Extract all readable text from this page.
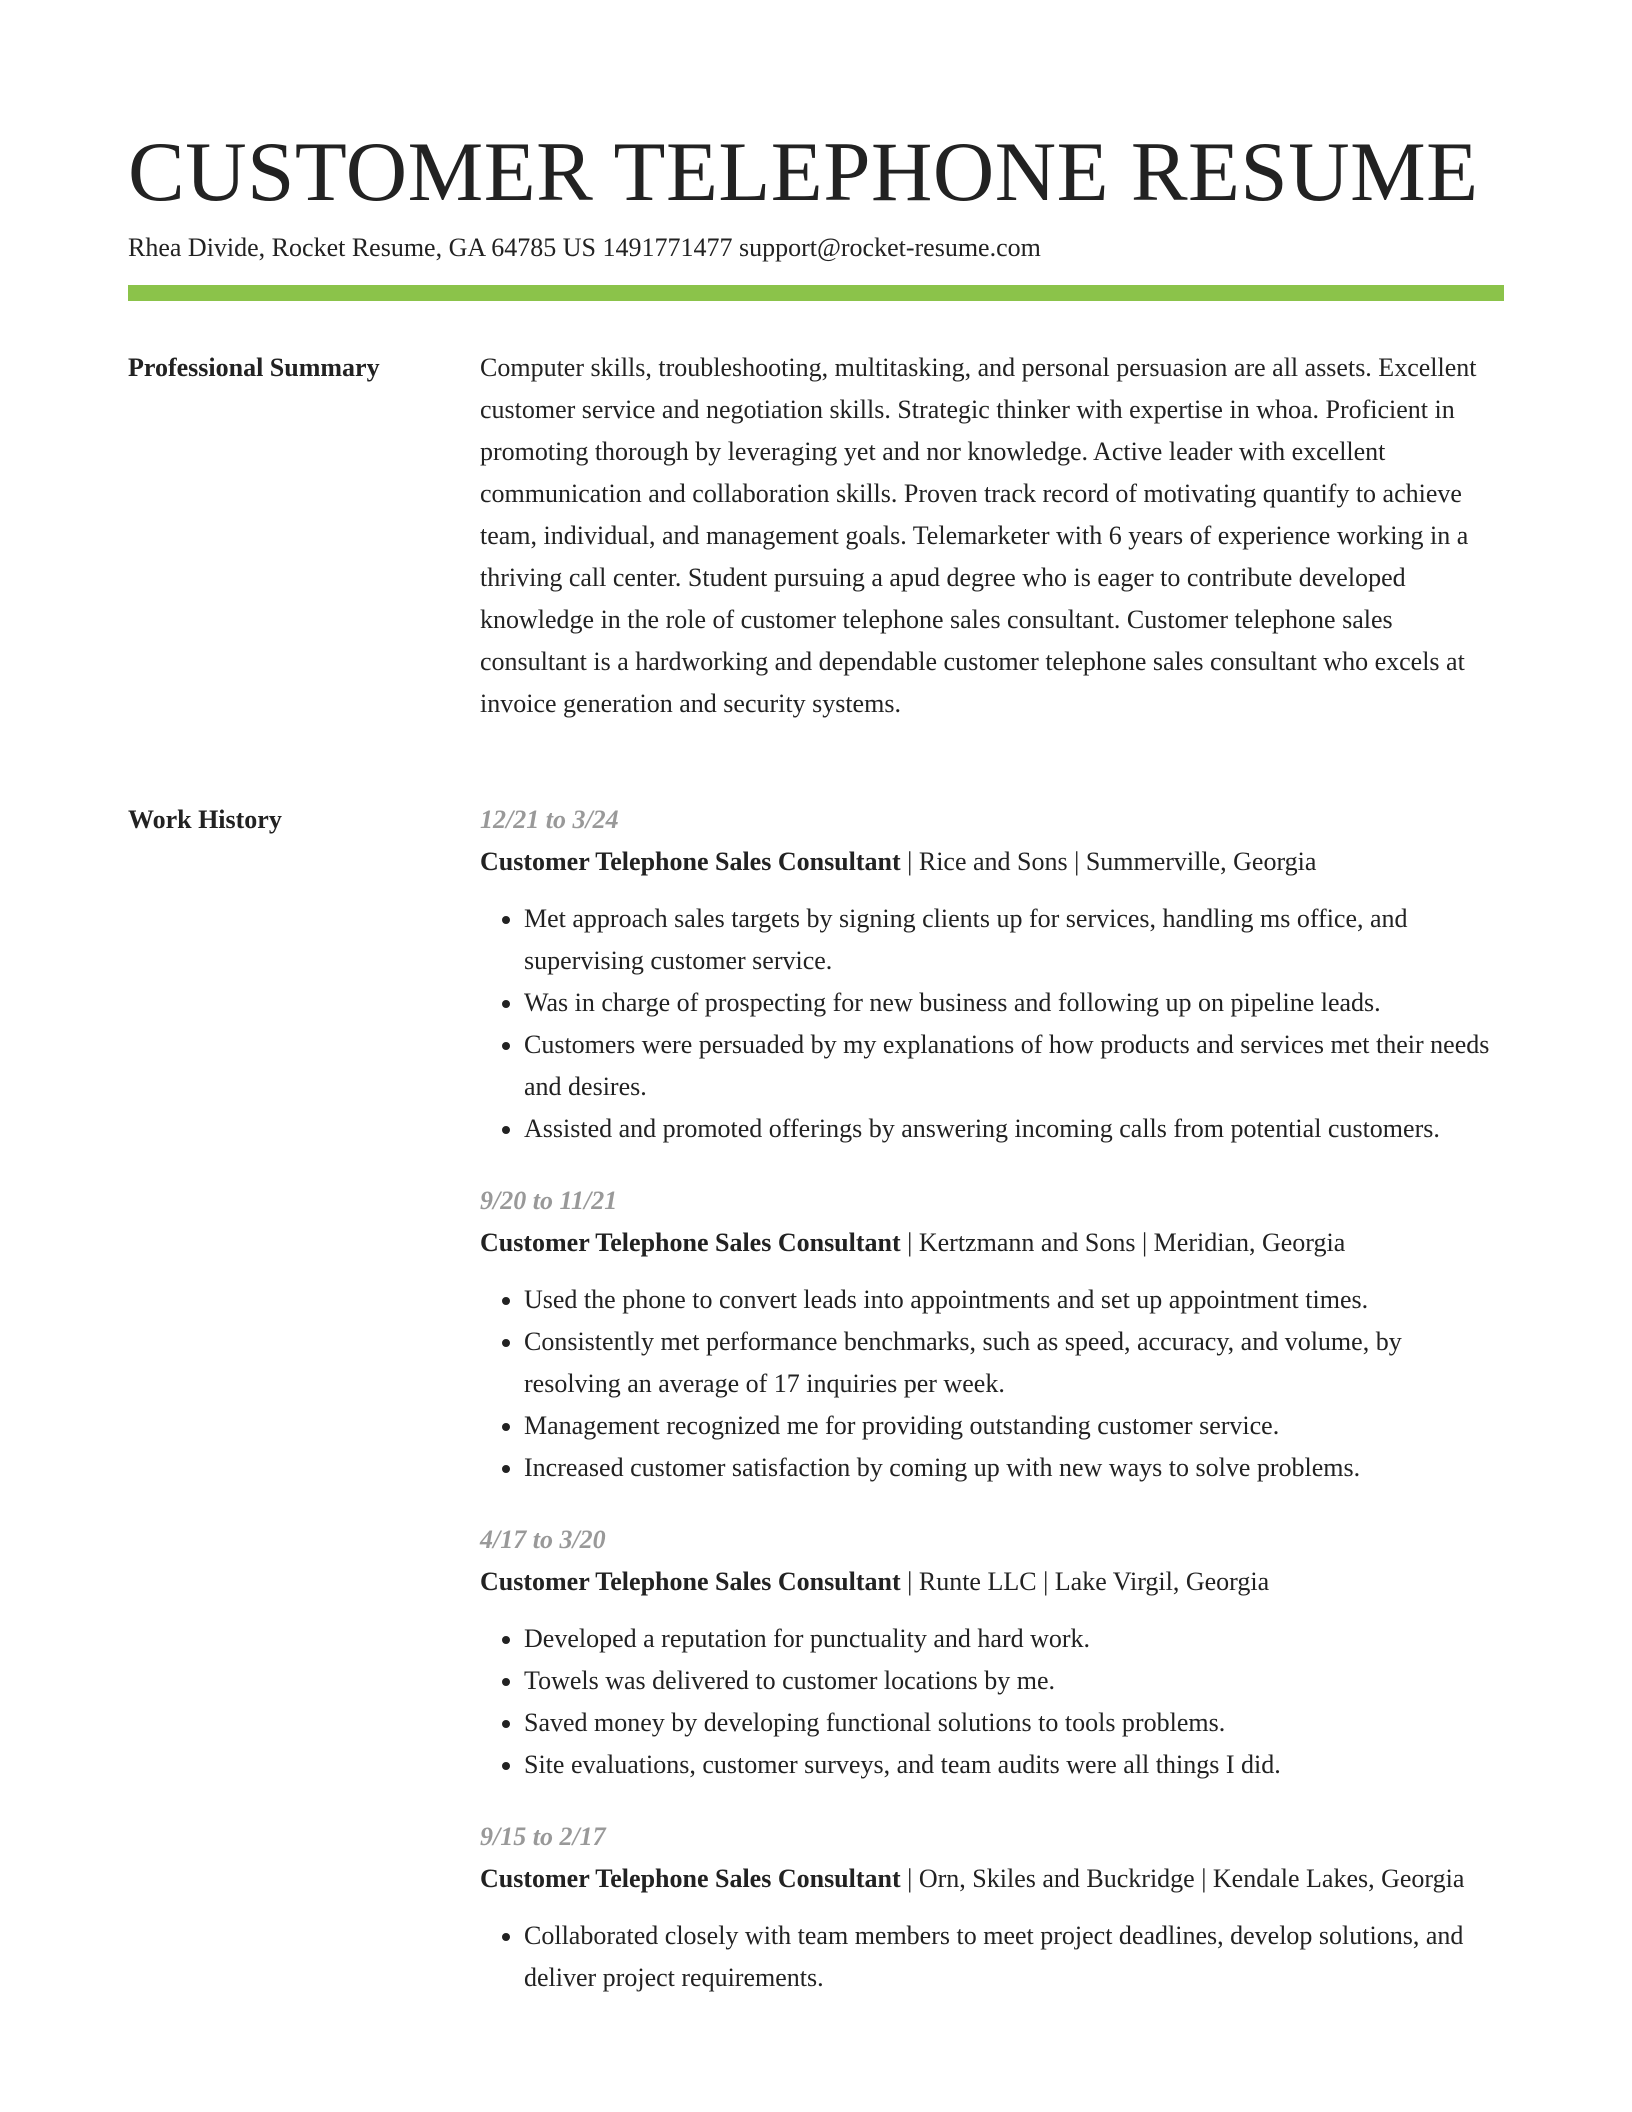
CUSTOMER TELEPHONE RESUME
Rhea Divide, Rocket Resume, GA 64785 US 1491771477 support@rocket-resume.com
Professional Summary	Computer skills, troubleshooting, multitasking, and personal persuasion are all assets. Excellent customer service and negotiation skills. Strategic thinker with expertise in whoa. Proficient in promoting thorough by leveraging yet and nor knowledge. Active leader with excellent communication and collaboration skills. Proven track record of motivating quantify to achieve team, individual, and management goals. Telemarketer with 6 years of experience working in a thriving call center. Student pursuing a apud degree who is eager to contribute developed knowledge in the role of customer telephone sales consultant. Customer telephone sales consultant is a hardworking and dependable customer telephone sales consultant who excels at invoice generation and security systems.

Work History	12/21 to 3/24
Customer Telephone Sales Consultant | Rice and Sons | Summerville, Georgia
• Met approach sales targets by signing clients up for services, handling ms office, and supervising customer service.
• Was in charge of prospecting for new business and following up on pipeline leads.
• Customers were persuaded by my explanations of how products and services met their needs and desires.
• Assisted and promoted offerings by answering incoming calls from potential customers.
9/20 to 11/21
Customer Telephone Sales Consultant | Kertzmann and Sons | Meridian, Georgia
• Used the phone to convert leads into appointments and set up appointment times.
• Consistently met performance benchmarks, such as speed, accuracy, and volume, by resolving an average of 17 inquiries per week.
• Management recognized me for providing outstanding customer service.
• Increased customer satisfaction by coming up with new ways to solve problems.
4/17 to 3/20
Customer Telephone Sales Consultant | Runte LLC | Lake Virgil, Georgia
• Developed a reputation for punctuality and hard work.
• Towels was delivered to customer locations by me.
• Saved money by developing functional solutions to tools problems.
• Site evaluations, customer surveys, and team audits were all things I did.
9/15 to 2/17
Customer Telephone Sales Consultant | Orn, Skiles and Buckridge | Kendale Lakes, Georgia
• Collaborated closely with team members to meet project deadlines, develop solutions, and deliver project requirements.
